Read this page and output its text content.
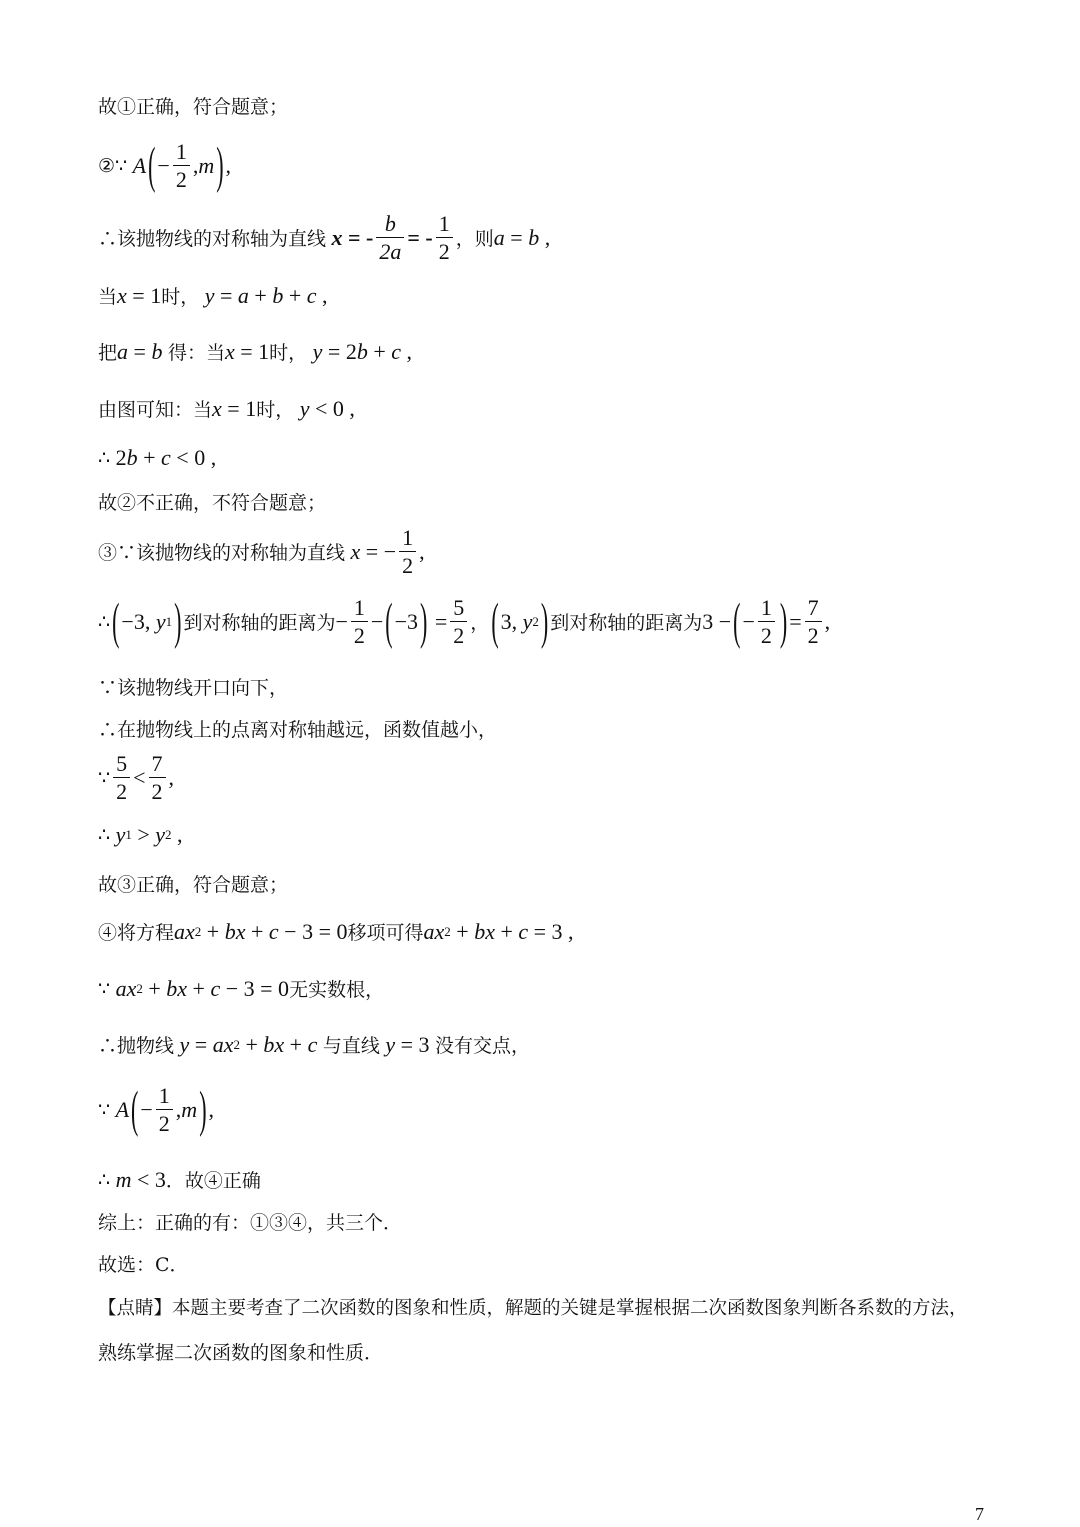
故①正确，符合题意；
②∵ A ( − $\frac{1}{2}$ , m ) ,
∴该抛物线的对称轴为直线 x = - $\frac{b}{2a}$ = - $\frac{1}{2}$ ，则 a = b ,
当 x = 1 时， y = a + b + c ,
把 a = b 得：当 x = 1 时， y = 2 b + c ,
由图可知：当 x = 1 时， y < 0 ,
∴ 2 b + c < 0 ,
故②不正确，不符合题意；
③∵该抛物线的对称轴为直线 x = − $\frac{1}{2}$ ,
∴ ( −3, y 1 ) 到对称轴的距离为 − $\frac{1}{2}$ − ( −3 ) = $\frac{5}{2}$ ， ( 3, y 2 ) 到对称轴的距离为 3 − ( − $\frac{1}{2}$ ) = $\frac{7}{2}$ ,
∵该抛物线开口向下，
∴在抛物线上的点离对称轴越远，函数值越小，
∵ $\frac{5}{2} < \frac{7}{2}$ ,
∴ y 1 > y 2 ,
故③正确，符合题意；
④将方程 ax 2 + bx + c − 3 = 0 移项可得 ax 2 + bx + c = 3 ,
∵ ax 2 + bx + c − 3 = 0 无实数根，
∴抛物线 y = ax 2 + bx + c 与直线 y = 3 没有交点，
∵ A ( − $\frac{1}{2}$ , m ) ,
∴ m < 3 ．故④正确
综上：正确的有：①③④，共三个．
故选：C．
【点睛】本题主要考查了二次函数的图象和性质，解题的关键是掌握根据二次函数图象判断各系数的方法，
熟练掌握二次函数的图象和性质．
7
